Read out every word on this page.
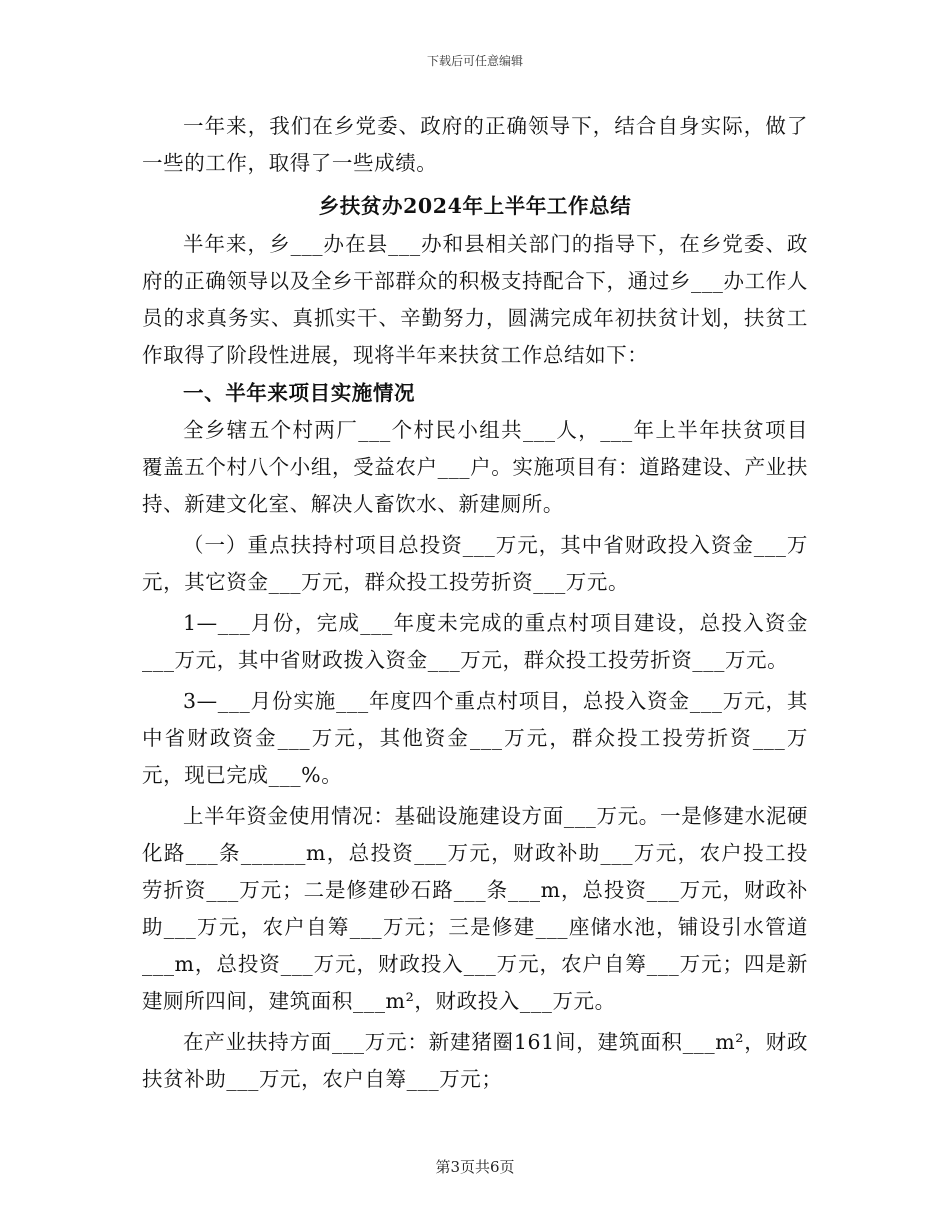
下载后可任意编辑

一年来，我们在乡党委、政府的正确领导下，结合自身实际，做了一些的工作，取得了一些成绩。

乡扶贫办2024年上半年工作总结

半年来，乡___办在县___办和县相关部门的指导下，在乡党委、政府的正确领导以及全乡干部群众的积极支持配合下，通过乡___办工作人员的求真务实、真抓实干、辛勤努力，圆满完成年初扶贫计划，扶贫工作取得了阶段性进展，现将半年来扶贫工作总结如下：

一、半年来项目实施情况

全乡辖五个村两厂___个村民小组共___人，___年上半年扶贫项目覆盖五个村八个小组，受益农户___户。实施项目有：道路建设、产业扶持、新建文化室、解决人畜饮水、新建厕所。

（一）重点扶持村项目总投资___万元，其中省财政投入资金___万元，其它资金___万元，群众投工投劳折资___万元。

1—___月份，完成___年度未完成的重点村项目建设，总投入资金___万元，其中省财政拨入资金___万元，群众投工投劳折资___万元。

3—___月份实施___年度四个重点村项目，总投入资金___万元，其中省财政资金___万元，其他资金___万元，群众投工投劳折资___万元，现已完成___%。

上半年资金使用情况：基础设施建设方面___万元。一是修建水泥硬化路___条______m，总投资___万元，财政补助___万元，农户投工投劳折资___万元；二是修建砂石路___条___m，总投资___万元，财政补助___万元，农户自筹___万元；三是修建___座储水池，铺设引水管道___m，总投资___万元，财政投入___万元，农户自筹___万元；四是新建厕所四间，建筑面积___m²，财政投入___万元。

在产业扶持方面___万元：新建猪圈161间，建筑面积___m²，财政扶贫补助___万元，农户自筹___万元；

第3页共6页
